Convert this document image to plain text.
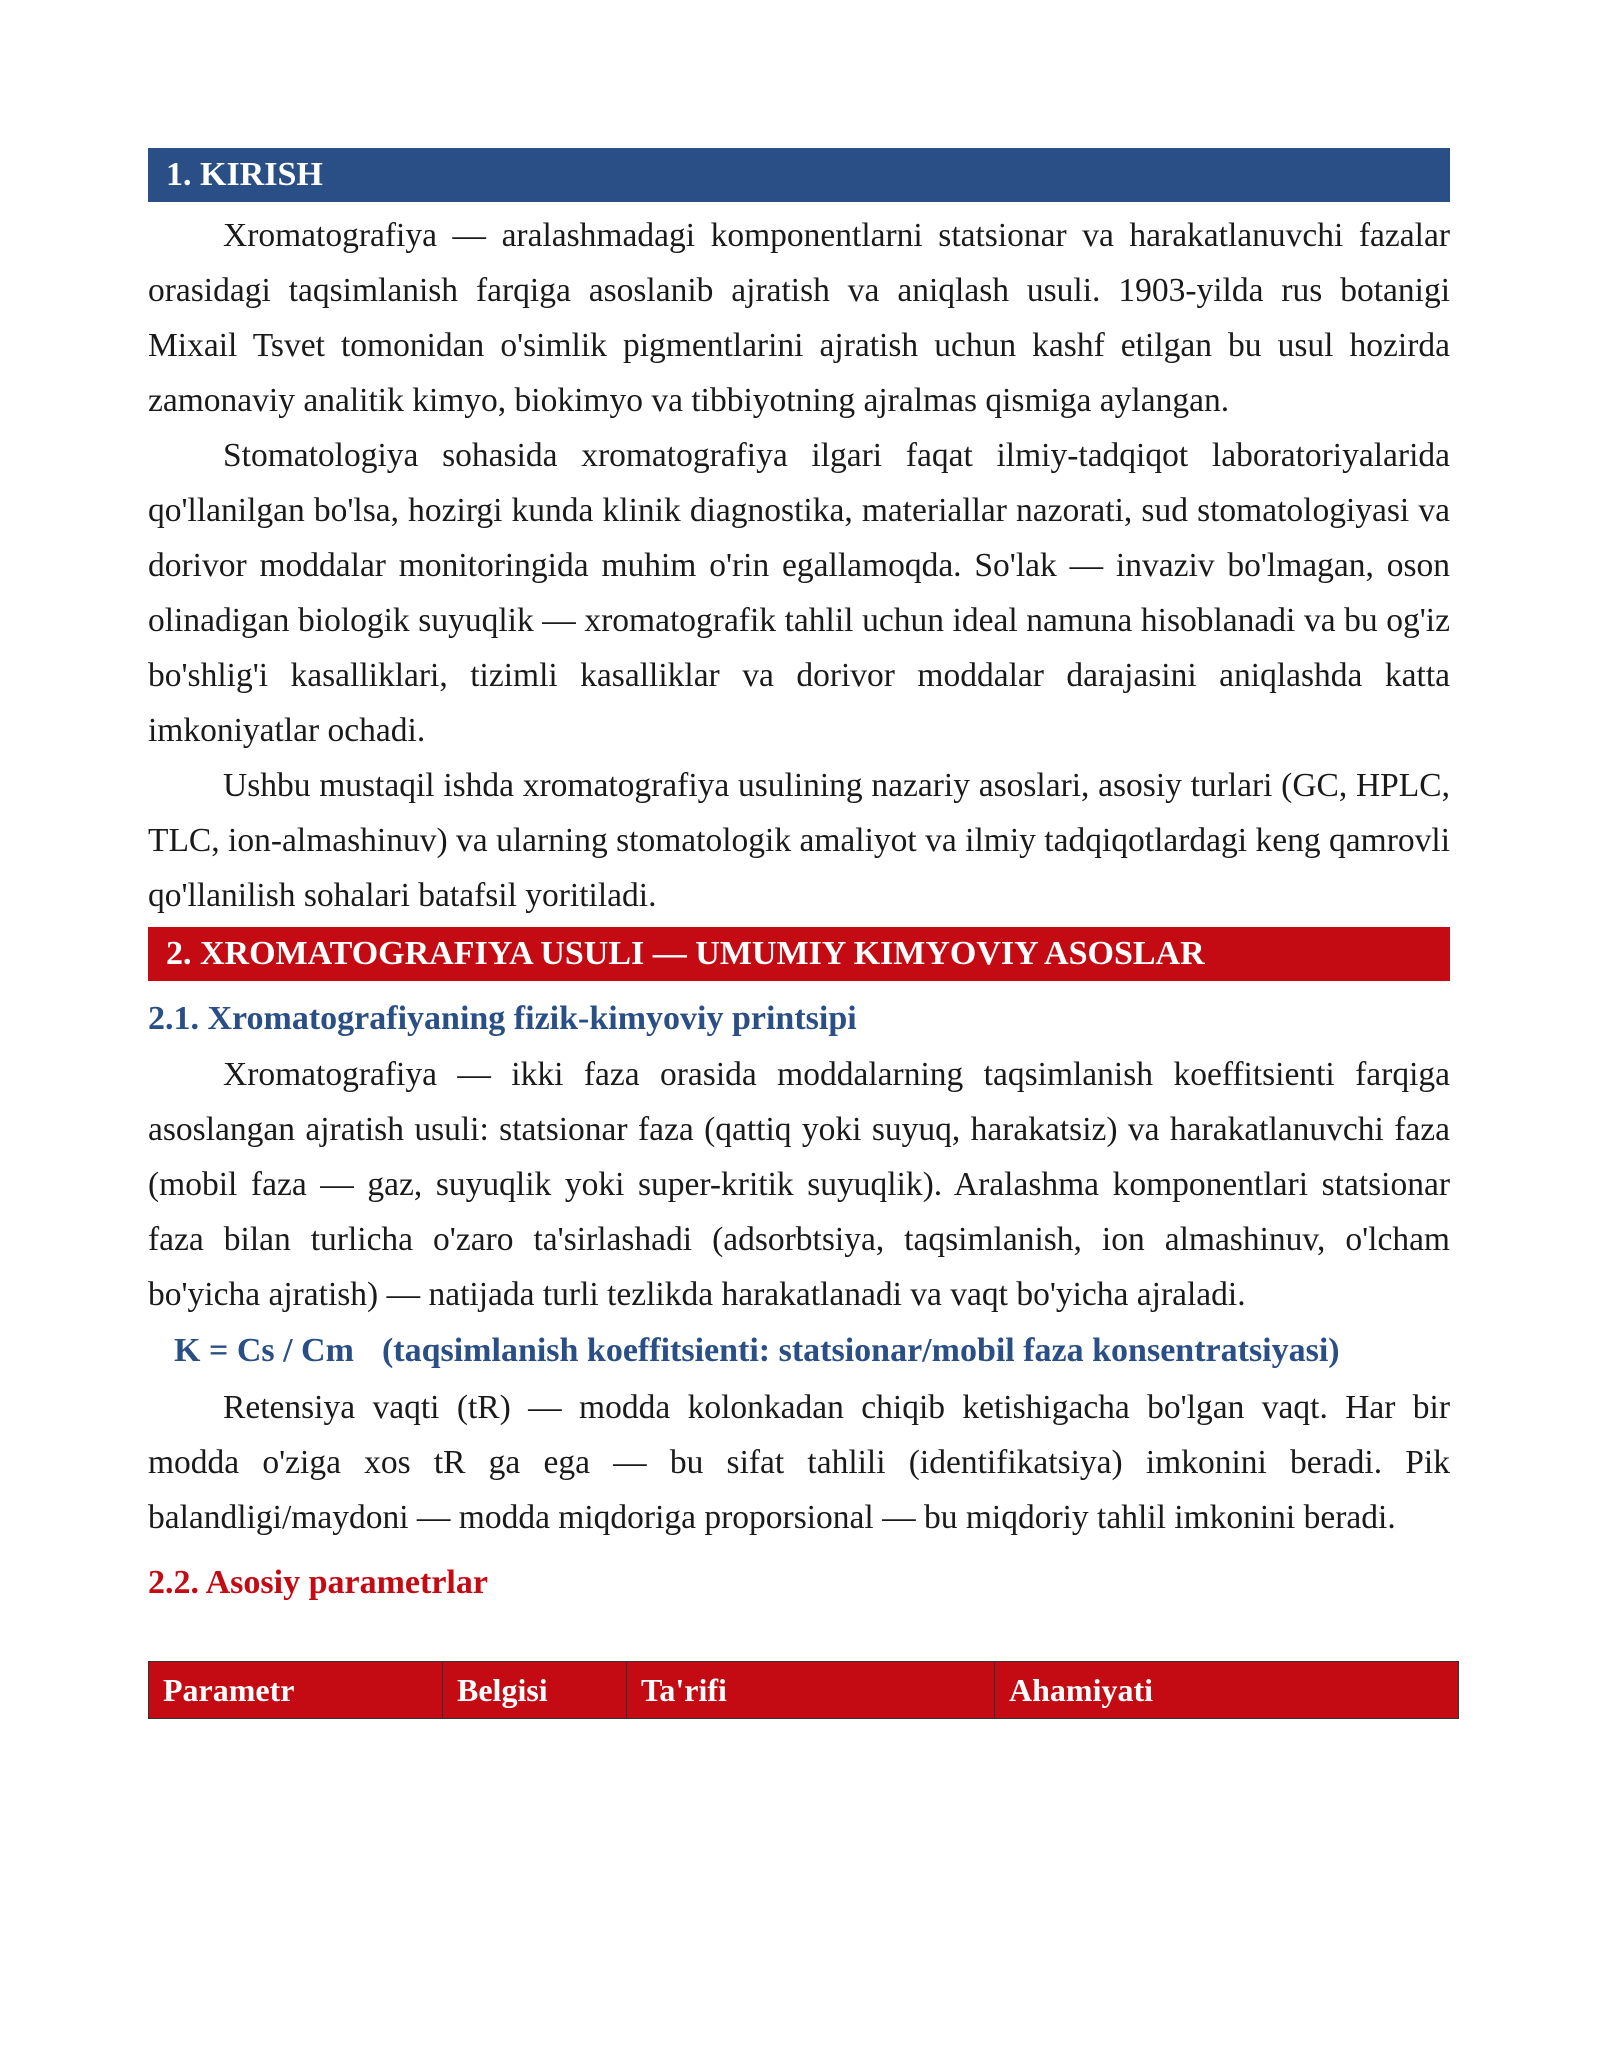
1. KIRISH

Xromatografiya — aralashmadagi komponentlarni statsionar va harakatlanuvchi fazalar orasidagi taqsimlanish farqiga asoslanib ajratish va aniqlash usuli. 1903-yilda rus botanigi Mixail Tsvet tomonidan o'simlik pigmentlarini ajratish uchun kashf etilgan bu usul hozirda zamonaviy analitik kimyo, biokimyo va tibbiyotning ajralmas qismiga aylangan.

Stomatologiya sohasida xromatografiya ilgari faqat ilmiy-tadqiqot laboratoriyalarida qo'llanilgan bo'lsa, hozirgi kunda klinik diagnostika, materiallar nazorati, sud stomatologiyasi va dorivor moddalar monitoringida muhim o'rin egallamoqda. So'lak — invaziv bo'lmagan, oson olinadigan biologik suyuqlik — xromatografik tahlil uchun ideal namuna hisoblanadi va bu og'iz bo'shlig'i kasalliklari, tizimli kasalliklar va dorivor moddalar darajasini aniqlashda katta imkoniyatlar ochadi.

Ushbu mustaqil ishda xromatografiya usulining nazariy asoslari, asosiy turlari (GC, HPLC, TLC, ion-almashinuv) va ularning stomatologik amaliyot va ilmiy tadqiqotlardagi keng qamrovli qo'llanilish sohalari batafsil yoritiladi.

2. XROMATOGRAFIYA USULI — UMUMIY KIMYOVIY ASOSLAR

2.1. Xromatografiyaning fizik-kimyoviy printsipi

Xromatografiya — ikki faza orasida moddalarning taqsimlanish koeffitsienti farqiga asoslangan ajratish usuli: statsionar faza (qattiq yoki suyuq, harakatsiz) va harakatlanuvchi faza (mobil faza — gaz, suyuqlik yoki super-kritik suyuqlik). Aralashma komponentlari statsionar faza bilan turlicha o'zaro ta'sirlashadi (adsorbtsiya, taqsimlanish, ion almashinuv, o'lcham bo'yicha ajratish) — natijada turli tezlikda harakatlanadi va vaqt bo'yicha ajraladi.

K = Cs / Cm (taqsimlanish koeffitsienti: statsionar/mobil faza konsentratsiyasi)

Retensiya vaqti (tR) — modda kolonkadan chiqib ketishigacha bo'lgan vaqt. Har bir modda o'ziga xos tR ga ega — bu sifat tahlili (identifikatsiya) imkonini beradi. Pik balandligi/maydoni — modda miqdoriga proporsional — bu miqdoriy tahlil imkonini beradi.

2.2. Asosiy parametrlar

Parametr	Belgisi	Ta'rifi	Ahamiyati
